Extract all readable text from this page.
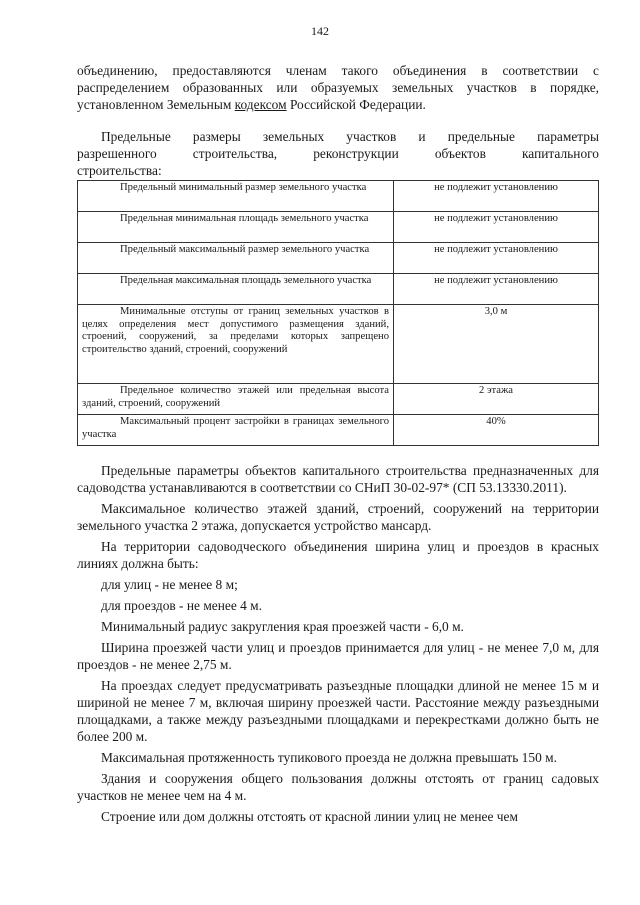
142
объединению, предоставляются членам такого объединения в соответствии с
распределением образованных или образуемых земельных участков в порядке,
установленном Земельным кодексом Российской Федерации.
Предельные размеры земельных участков и предельные параметры
разрешенного строительства, реконструкции объектов капитального
строительства:
Предельный минимальный размер земельного участка	не подлежит установлению
Предельная минимальная площадь земельного участка	не подлежит установлению
Предельный максимальный размер земельного участка	не подлежит установлению
Предельная максимальная площадь земельного участка	не подлежит установлению
Минимальные отступы от границ земельных участков в целях определения мест допустимого размещения зданий, строений, сооружений, за пределами которых запрещено строительство зданий, строений, сооружений	3,0 м
Предельное количество этажей или предельная высота зданий, строений, сооружений	2 этажа
Максимальный процент застройки в границах земельного участка	40%

Предельные параметры объектов капитального строительства предназначенных для садоводства устанавливаются в соответствии со СНиП 30-02-97* (СП 53.13330.2011).

Максимальное количество этажей зданий, строений, сооружений на территории земельного участка 2 этажа, допускается устройство мансард.

На территории садоводческого объединения ширина улиц и проездов в красных линиях должна быть:

для улиц - не менее 8 м;

для проездов - не менее 4 м.

Минимальный радиус закругления края проезжей части - 6,0 м.

Ширина проезжей части улиц и проездов принимается для улиц - не менее 7,0 м, для проездов - не менее 2,75 м.

На проездах следует предусматривать разъездные площадки длиной не менее 15 м и шириной не менее 7 м, включая ширину проезжей части. Расстояние между разъездными площадками, а также между разъездными площадками и перекрестками должно быть не более 200 м.

Максимальная протяженность тупикового проезда не должна превышать 150 м.

Здания и сооружения общего пользования должны отстоять от границ садовых участков не менее чем на 4 м.

Строение или дом должны отстоять от красной линии улиц не менее чем
